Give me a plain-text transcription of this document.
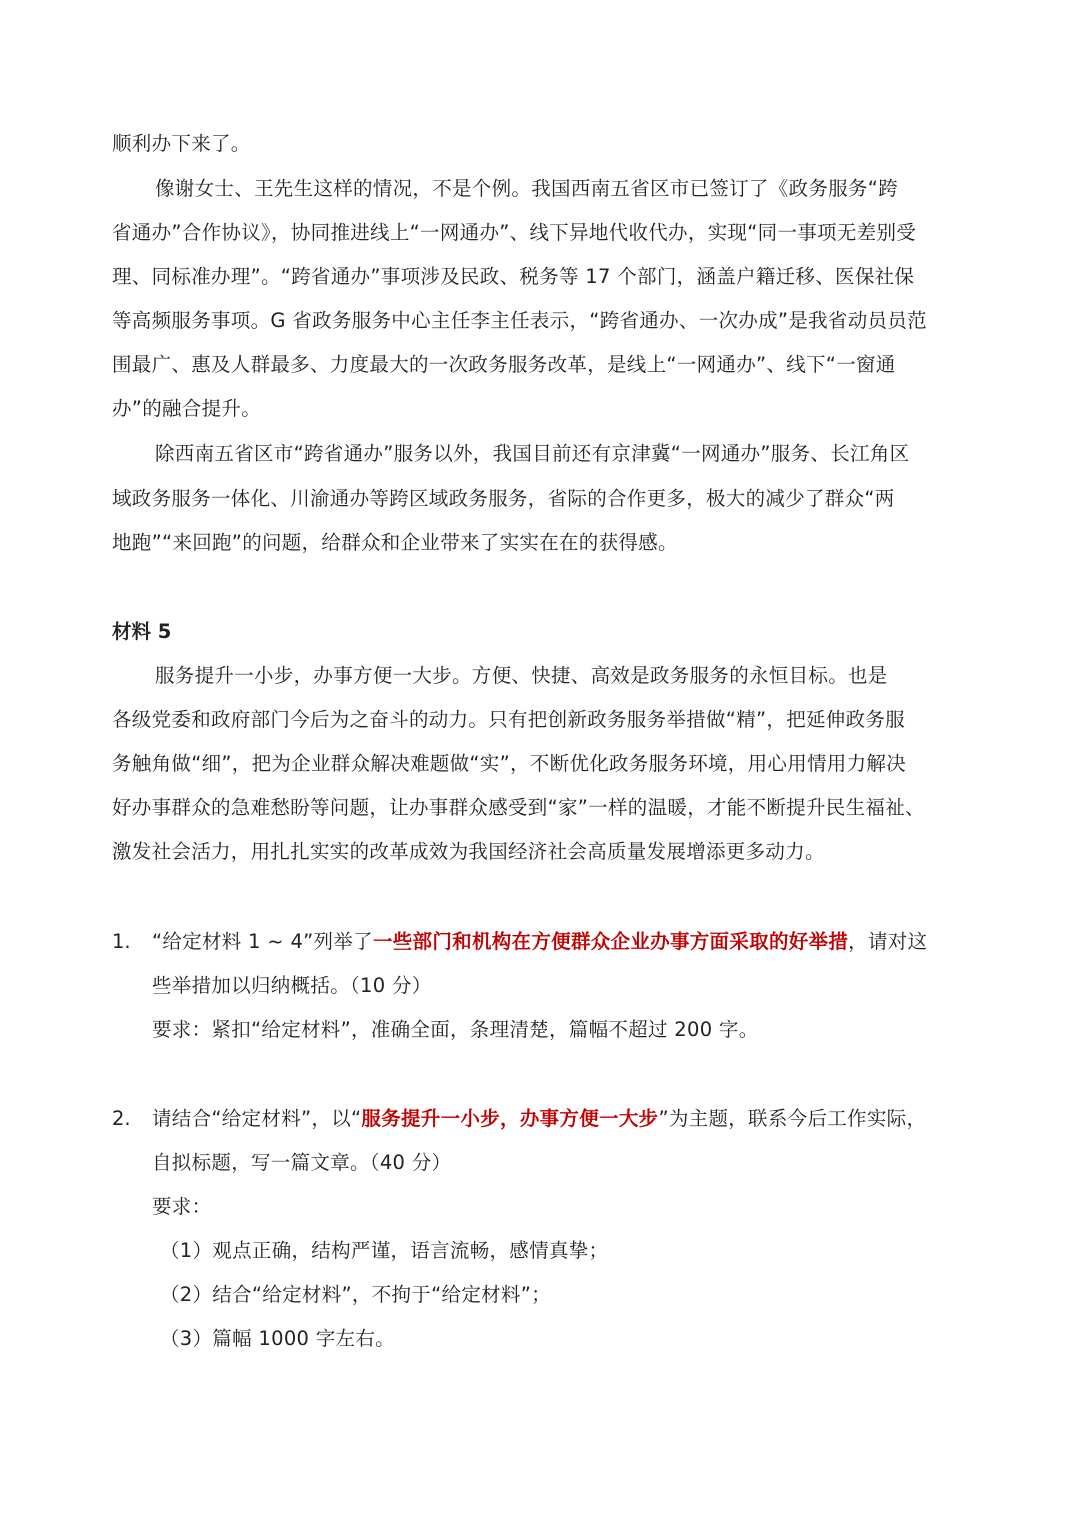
顺利办下来了。
像谢女士、王先生这样的情况，不是个例。我国西南五省区市已签订了《政务服务“跨
省通办”合作协议》，协同推进线上“一网通办”、线下异地代收代办，实现“同一事项无差别受
理、同标准办理”。“跨省通办”事项涉及民政、税务等 17 个部门，涵盖户籍迁移、医保社保
等高频服务事项。G 省政务服务中心主任李主任表示，“跨省通办、一次办成”是我省动员员范
围最广、惠及人群最多、力度最大的一次政务服务改革，是线上“一网通办”、线下“一窗通
办”的融合提升。
除西南五省区市“跨省通办”服务以外，我国目前还有京津冀“一网通办”服务、长江角区
域政务服务一体化、川渝通办等跨区域政务服务，省际的合作更多，极大的减少了群众“两
地跑”“来回跑”的问题，给群众和企业带来了实实在在的获得感。
材料 5
服务提升一小步，办事方便一大步。方便、快捷、高效是政务服务的永恒目标。也是
各级党委和政府部门今后为之奋斗的动力。只有把创新政务服务举措做“精”，把延伸政务服
务触角做“细”，把为企业群众解决难题做“实”，不断优化政务服务环境，用心用情用力解决
好办事群众的急难愁盼等问题，让办事群众感受到“家”一样的温暖，才能不断提升民生福祉、
激发社会活力，用扎扎实实的改革成效为我国经济社会高质量发展增添更多动力。
1. “给定材料 1 ~ 4”列举了一些部门和机构在方便群众企业办事方面采取的好举措，请对这
些举措加以归纳概括。（10 分）
要求：紧扣“给定材料”，准确全面，条理清楚，篇幅不超过 200 字。
2. 请结合“给定材料”，以“服务提升一小步，办事方便一大步”为主题，联系今后工作实际，
自拟标题，写一篇文章。（40 分）
要求：
（1）观点正确，结构严谨，语言流畅，感情真挚；
（2）结合“给定材料”，不拘于“给定材料”；
（3）篇幅 1000 字左右。
